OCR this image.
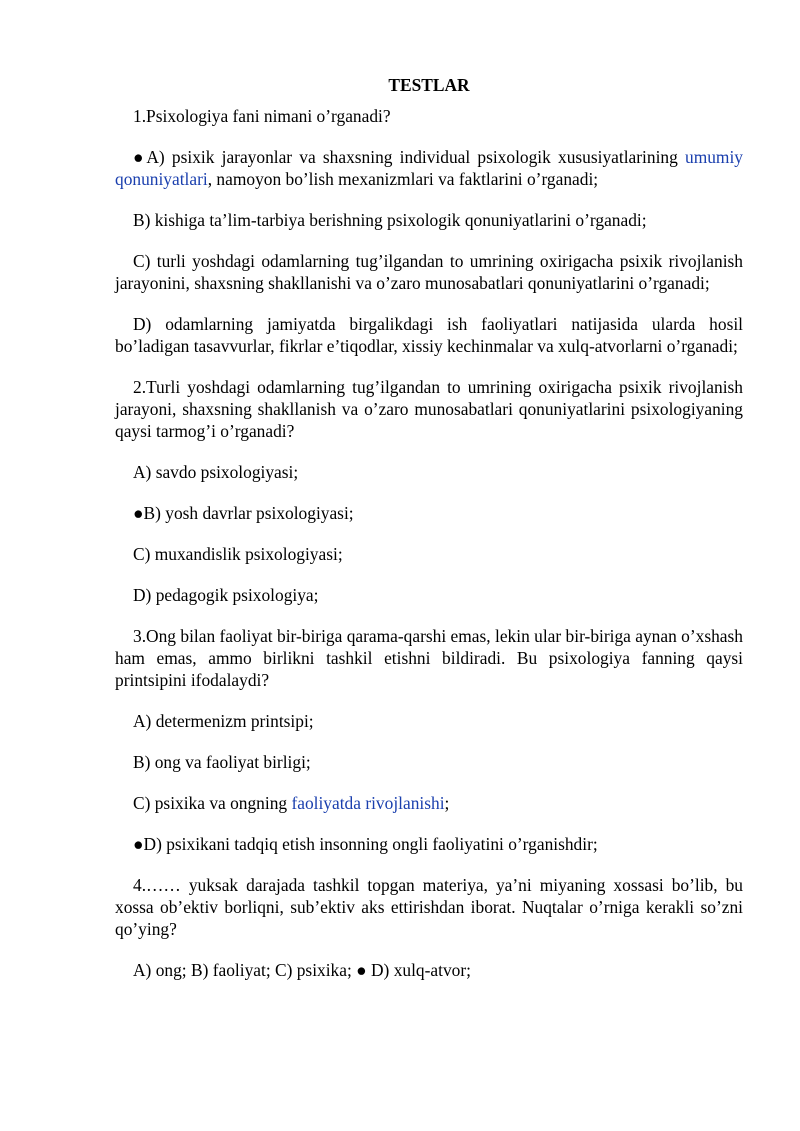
TESTLAR
1.Psixologiya fani nimani o’rganadi?
●A) psixik jarayonlar va shaxsning individual psixologik xususiyatlarining umumiy qonuniyatlari, namoyon bo’lish mexanizmlari va faktlarini o’rganadi;
B) kishiga ta’lim-tarbiya berishning psixologik qonuniyatlarini o’rganadi;
C) turli yoshdagi odamlarning tug’ilgandan to umrining oxirigacha psixik rivojlanish jarayonini, shaxsning shakllanishi va o’zaro munosabatlari qonuniyatlarini o’rganadi;
D) odamlarning jamiyatda birgalikdagi ish faoliyatlari natijasida ularda hosil bo’ladigan tasavvurlar, fikrlar e’tiqodlar, xissiy kechinmalar va xulq-atvorlarni o’rganadi;
2.Turli yoshdagi odamlarning tug’ilgandan to umrining oxirigacha psixik rivojlanish jarayoni, shaxsning shakllanish va o’zaro munosabatlari qonuniyatlarini psixologiyaning qaysi tarmog’i o’rganadi?
A) savdo psixologiyasi;
●B) yosh davrlar psixologiyasi;
C) muxandislik psixologiyasi;
D) pedagogik psixologiya;
3.Ong bilan faoliyat bir-biriga qarama-qarshi emas, lekin ular bir-biriga aynan o’xshash ham emas, ammo birlikni tashkil etishni bildiradi. Bu psixologiya fanning qaysi printsipini ifodalaydi?
A) determenizm printsipi;
B) ong va faoliyat birligi;
C) psixika va ongning faoliyatda rivojlanishi;
●D) psixikani tadqiq etish insonning ongli faoliyatini o’rganishdir;
4.…… yuksak darajada tashkil topgan materiya, ya’ni miyaning xossasi bo’lib, bu xossa ob’ektiv borliqni, sub’ektiv aks ettirishdan iborat. Nuqtalar o’rniga kerakli so’zni qo’ying?
A) ong; B) faoliyat; C) psixika; ● D) xulq-atvor;
